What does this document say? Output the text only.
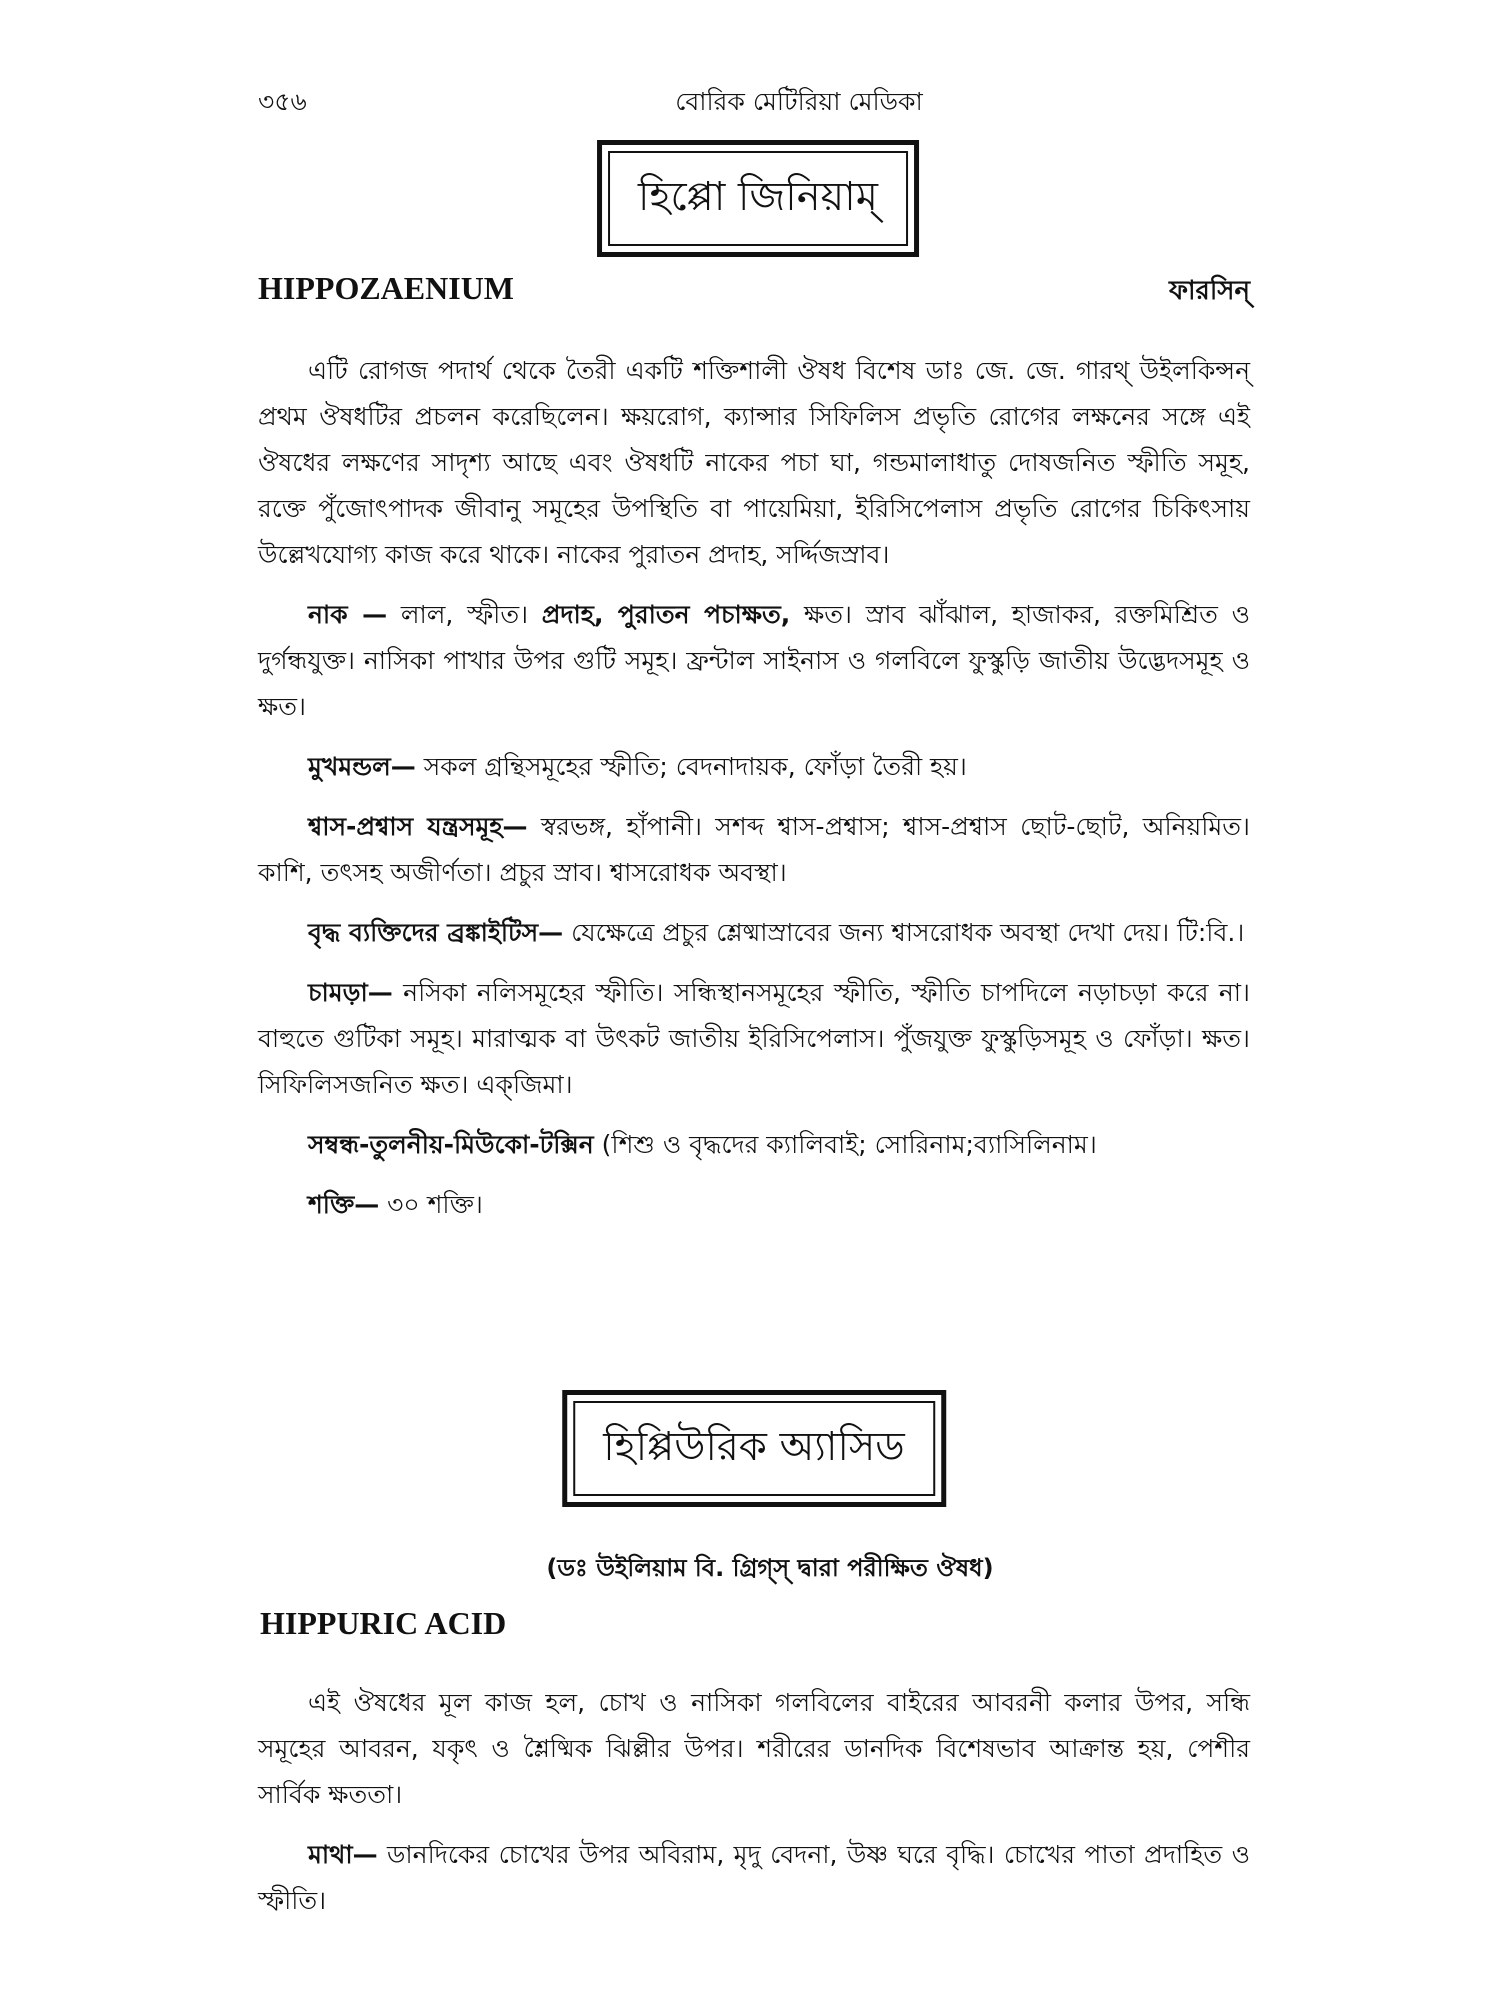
৩৫৬	বোরিক মেটিরিয়া মেডিকা
হিপ্পো জিনিয়াম্
HIPPOZAENIUM	ফারসিন্

এটি রোগজ পদার্থ থেকে তৈরী একটি শক্তিশালী ঔষধ বিশেষ ডাঃ জে. জে. গারথ্ উইলকিন্সন্ প্রথম ঔষধটির প্রচলন করেছিলেন। ক্ষয়রোগ, ক্যান্সার সিফিলিস প্রভৃতি রোগের লক্ষনের সঙ্গে এই ঔষধের লক্ষণের সাদৃশ্য আছে এবং ঔষধটি নাকের পচা ঘা, গন্ডমালাধাতু দোষজনিত স্ফীতি সমূহ, রক্তে পুঁজোৎপাদক জীবানু সমূহের উপস্থিতি বা পায়েমিয়া, ইরিসিপেলাস প্রভৃতি রোগের চিকিৎসায় উল্লেখযোগ্য কাজ করে থাকে। নাকের পুরাতন প্রদাহ, সর্দ্দিজস্রাব।

নাক — লাল, স্ফীত। প্রদাহ, পুরাতন পচাক্ষত, ক্ষত। স্রাব ঝাঁঝাল, হাজাকর, রক্তমিশ্রিত ও দুর্গন্ধযুক্ত। নাসিকা পাখার উপর গুটি সমূহ। ফ্রন্টাল সাইনাস ও গলবিলে ফুস্কুড়ি জাতীয় উদ্ভেদসমূহ ও ক্ষত।

মুখমন্ডল— সকল গ্রন্থিসমূহের স্ফীতি; বেদনাদায়ক, ফোঁড়া তৈরী হয়।

শ্বাস-প্রশ্বাস যন্ত্রসমূহ— স্বরভঙ্গ, হাঁপানী। সশব্দ শ্বাস-প্রশ্বাস; শ্বাস-প্রশ্বাস ছোট-ছোট, অনিয়মিত। কাশি, তৎসহ অজীর্ণতা। প্রচুর স্রাব। শ্বাসরোধক অবস্থা।

বৃদ্ধ ব্যক্তিদের ব্রঙ্কাইটিস— যেক্ষেত্রে প্রচুর শ্লেষ্মাস্রাবের জন্য শ্বাসরোধক অবস্থা দেখা দেয়। টি:বি.।

চামড়া— নসিকা নলিসমূহের স্ফীতি। সন্ধিস্থানসমূহের স্ফীতি, স্ফীতি চাপদিলে নড়াচড়া করে না। বাহুতে গুটিকা সমূহ। মারাত্মক বা উৎকট জাতীয় ইরিসিপেলাস। পুঁজযুক্ত ফুস্কুড়িসমূহ ও ফোঁড়া। ক্ষত। সিফিলিসজনিত ক্ষত। এক্‌জিমা।

সম্বন্ধ-তুলনীয়-মিউকো-টক্সিন (শিশু ও বৃদ্ধদের ক্যালিবাই; সোরিনাম;ব্যাসিলিনাম।

শক্তি— ৩০ শক্তি।

হিপ্পিউরিক অ্যাসিড
(ডঃ উইলিয়াম বি. গ্রিগ্‌স্ দ্বারা পরীক্ষিত ঔষধ)
HIPPURIC ACID

এই ঔষধের মূল কাজ হল, চোখ ও নাসিকা গলবিলের বাইরের আবরনী কলার উপর, সন্ধি সমূহের আবরন, যকৃৎ ও শ্লৈষ্মিক ঝিল্লীর উপর। শরীরের ডানদিক বিশেষভাব আক্রান্ত হয়, পেশীর সার্বিক ক্ষততা।

মাথা— ডানদিকের চোখের উপর অবিরাম, মৃদু বেদনা, উষ্ণ ঘরে বৃদ্ধি। চোখের পাতা প্রদাহিত ও স্ফীতি।
